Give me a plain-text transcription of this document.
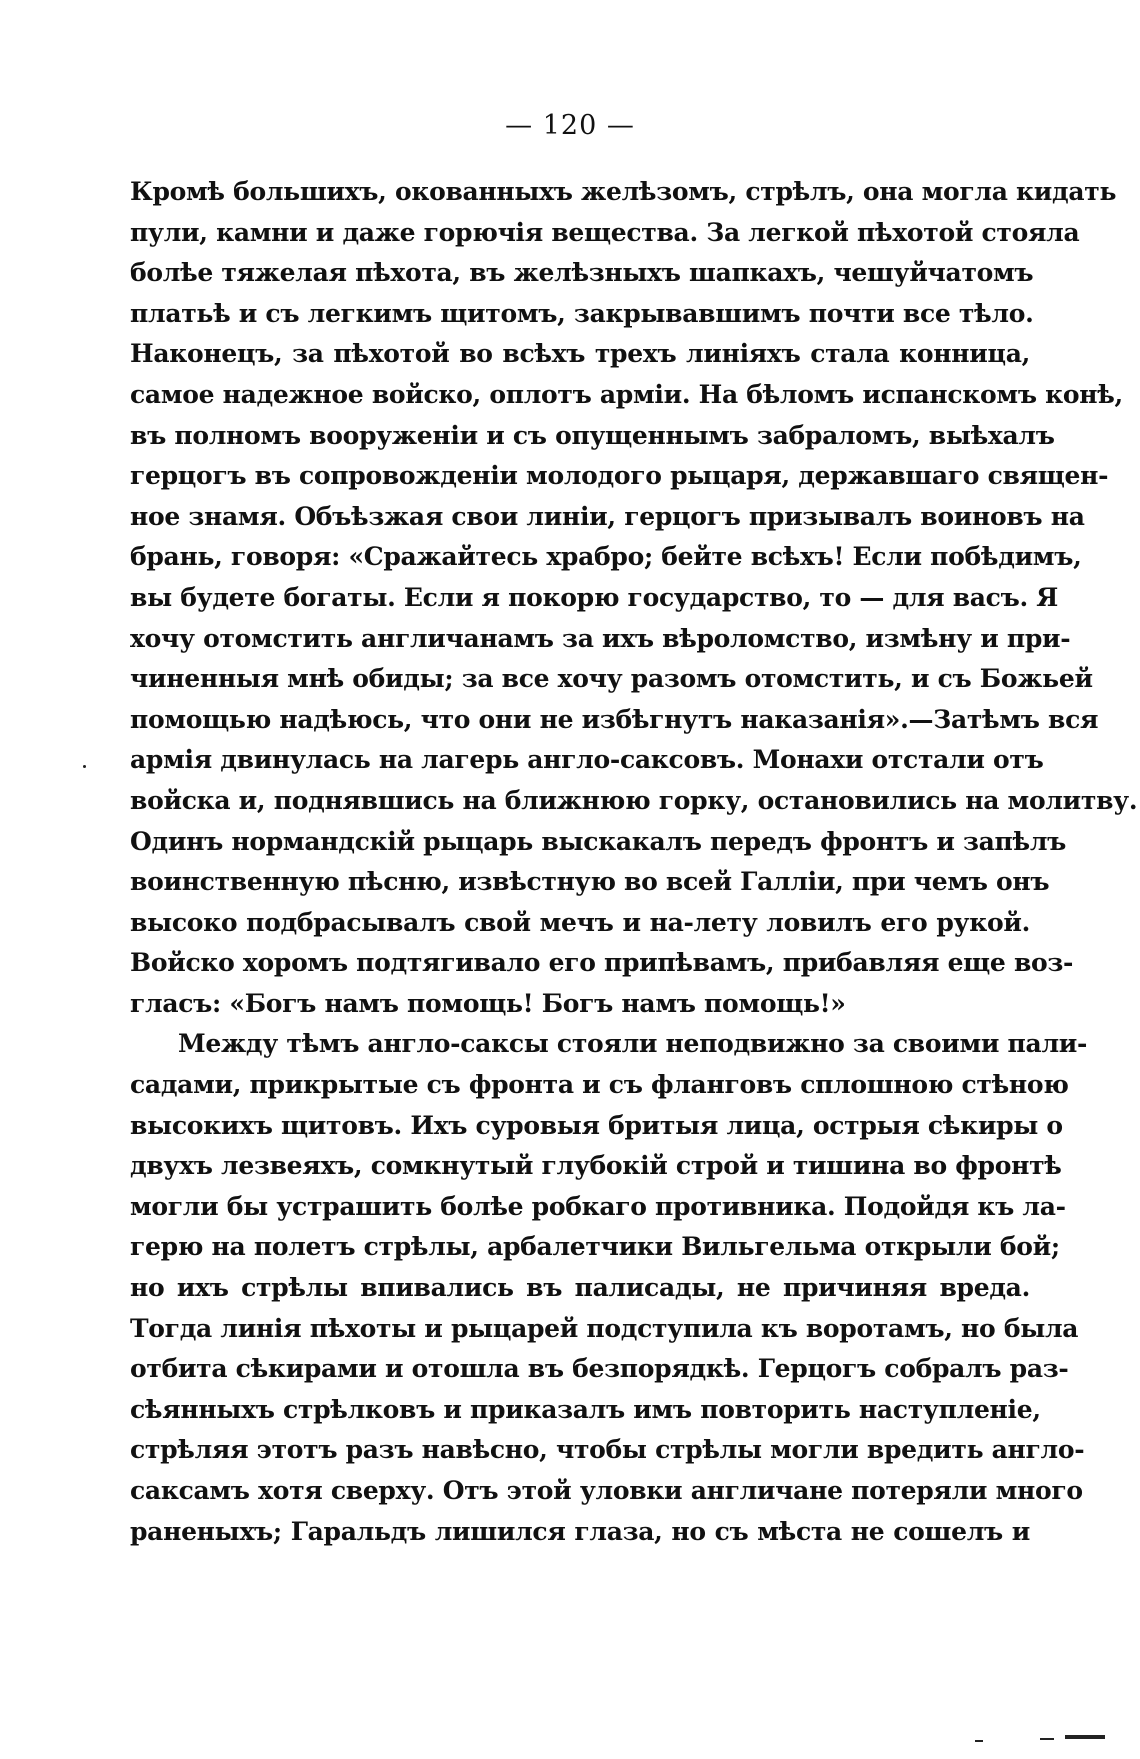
— 120 —
Кромѣ большихъ, окованныхъ желѣзомъ, стрѣлъ, она могла кидать
пули, камни и даже горючія вещества. За легкой пѣхотой стояла
болѣе тяжелая пѣхота, въ желѣзныхъ шапкахъ, чешуйчатомъ
платьѣ и съ легкимъ щитомъ, закрывавшимъ почти все тѣло.
Наконецъ, за пѣхотой во всѣхъ трехъ линіяхъ стала конница,
самое надежное войско, оплотъ арміи. На бѣломъ испанскомъ конѣ,
въ полномъ вооруженіи и съ опущеннымъ забраломъ, выѣхалъ
герцогъ въ сопровожденіи молодого рыцаря, державшаго священ-
ное знамя. Объѣзжая свои линіи, герцогъ призывалъ воиновъ на
брань, говоря: «Сражайтесь храбро; бейте всѣхъ! Если побѣдимъ,
вы будете богаты. Если я покорю государство, то — для васъ. Я
хочу отомстить англичанамъ за ихъ вѣроломство, измѣну и при-
чиненныя мнѣ обиды; за все хочу разомъ отомстить, и съ Божьей
помощью надѣюсь, что они не избѣгнутъ наказанія».—Затѣмъ вся
армія двинулась на лагерь англо-саксовъ. Монахи отстали отъ
войска и, поднявшись на ближнюю горку, остановились на молитву.
Одинъ нормандскій рыцарь выскакалъ передъ фронтъ и запѣлъ
воинственную пѣсню, извѣстную во всей Галліи, при чемъ онъ
высоко подбрасывалъ свой мечъ и на-лету ловилъ его рукой.
Войско хоромъ подтягивало его припѣвамъ, прибавляя еще воз-
гласъ: «Богъ намъ помощь! Богъ намъ помощь!»
Между тѣмъ англо-саксы стояли неподвижно за своими пали-
садами, прикрытые съ фронта и съ фланговъ сплошною стѣною
высокихъ щитовъ. Ихъ суровыя бритыя лица, острыя сѣкиры о
двухъ лезвеяхъ, сомкнутый глубокій строй и тишина во фронтѣ
могли бы устрашить болѣе робкаго противника. Подойдя къ ла-
герю на полетъ стрѣлы, арбалетчики Вильгельма открыли бой;
но ихъ стрѣлы впивались въ палисады, не причиняя вреда.
Тогда линія пѣхоты и рыцарей подступила къ воротамъ, но была
отбита сѣкирами и отошла въ безпорядкѣ. Герцогъ собралъ раз-
сѣянныхъ стрѣлковъ и приказалъ имъ повторить наступленіе,
стрѣляя этотъ разъ навѣсно, чтобы стрѣлы могли вредить англо-
саксамъ хотя сверху. Отъ этой уловки англичане потеряли много
раненыхъ; Гаральдъ лишился глаза, но съ мѣста не сошелъ и
